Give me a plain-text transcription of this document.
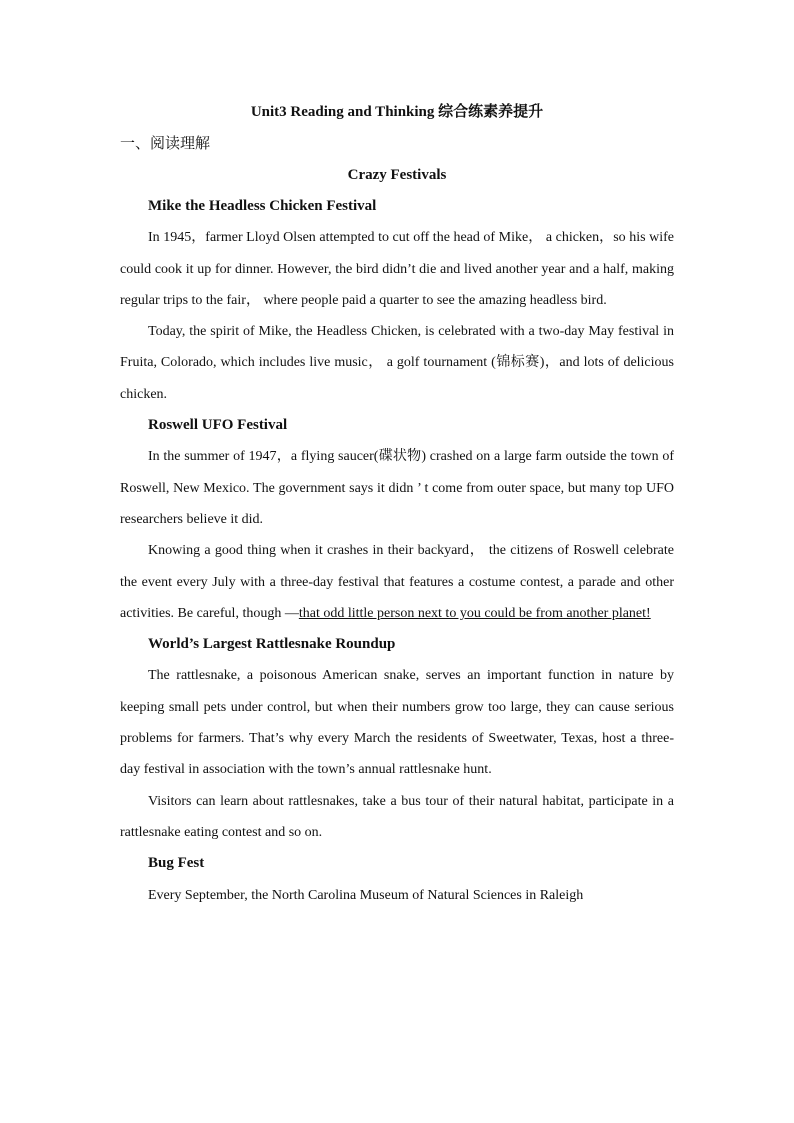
Unit3 Reading and Thinking 综合练素养提升
一、阅读理解
Crazy Festivals
Mike the Headless Chicken Festival

In 1945，farmer Lloyd Olsen attempted to cut off the head of Mike， a chicken，so his wife could cook it up for dinner. However, the bird didn’t die and lived another year and a half, making regular trips to the fair， where people paid a quarter to see the amazing headless bird.

Today, the spirit of Mike, the Headless Chicken, is celebrated with a two-day May festival in Fruita, Colorado, which includes live music， a golf tournament (锦标赛)，and lots of delicious chicken.

Roswell UFO Festival

In the summer of 1947，a flying saucer(碟状物) crashed on a large farm outside the town of Roswell, New Mexico. The government says it didn ’ t come from outer space, but many top UFO researchers believe it did.

Knowing a good thing when it crashes in their backyard， the citizens of Roswell celebrate the event every July with a three-day festival that features a costume contest, a parade and other activities. Be careful, though —that odd little person next to you could be from another planet!

World’s Largest Rattlesnake Roundup

The rattlesnake, a poisonous American snake, serves an important function in nature by keeping small pets under control, but when their numbers grow too large, they can cause serious problems for farmers. That’s why every March the residents of Sweetwater, Texas, host a three-day festival in association with the town’s annual rattlesnake hunt.

Visitors can learn about rattlesnakes, take a bus tour of their natural habitat, participate in a rattlesnake eating contest and so on.

Bug Fest

Every September, the North Carolina Museum of Natural Sciences in Raleigh
